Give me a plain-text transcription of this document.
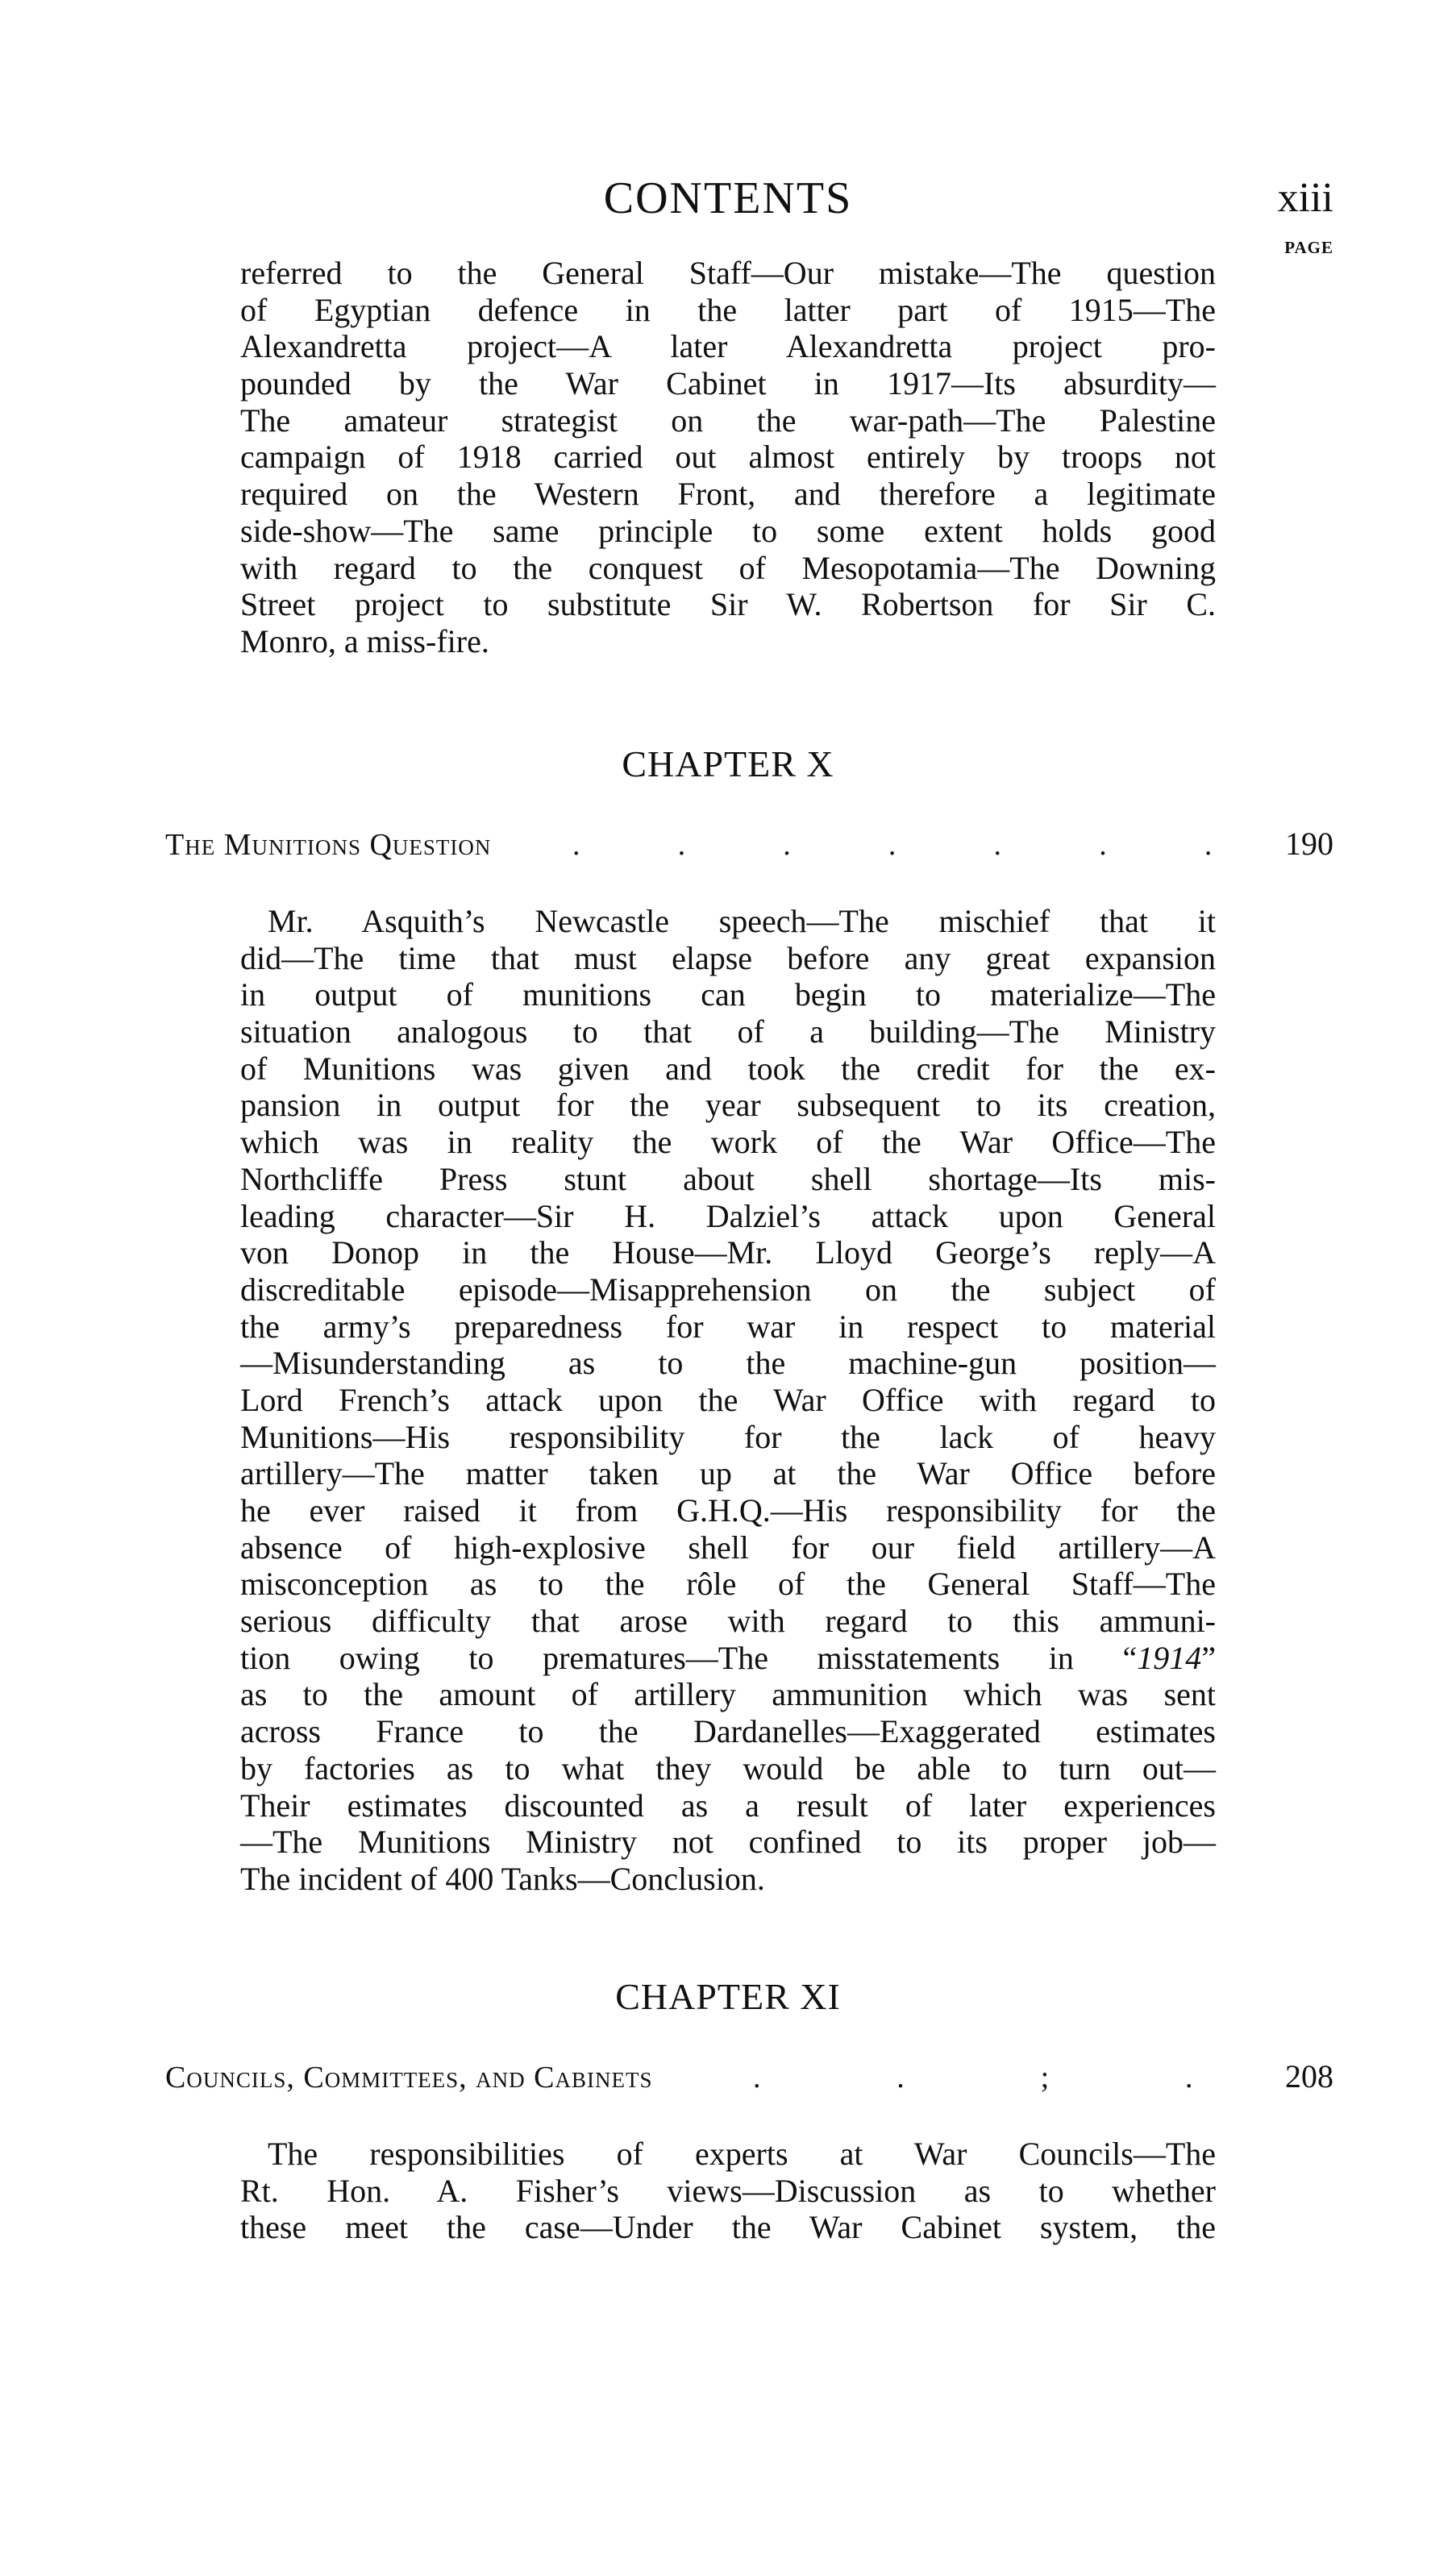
CONTENTS	xiii
PAGE
referred to the General Staff—Our mistake—The question
of Egyptian defence in the latter part of 1915—The
Alexandretta project—A later Alexandretta project pro-
pounded by the War Cabinet in 1917—Its absurdity—
The amateur strategist on the war-path—The Palestine
campaign of 1918 carried out almost entirely by troops not
required on the Western Front, and therefore a legitimate
side-show—The same principle to some extent holds good
with regard to the conquest of Mesopotamia—The Downing
Street project to substitute Sir W. Robertson for Sir C.
Monro, a miss-fire.
CHAPTER X
The Munitions Question	.	.	.	.	.	.	. 190
Mr. Asquith’s Newcastle speech—The mischief that it
did—The time that must elapse before any great expansion
in output of munitions can begin to materialize—The
situation analogous to that of a building—The Ministry
of Munitions was given and took the credit for the ex-
pansion in output for the year subsequent to its creation,
which was in reality the work of the War Office—The
Northcliffe Press stunt about shell shortage—Its mis-
leading character—Sir H. Dalziel’s attack upon General
von Donop in the House—Mr. Lloyd George’s reply—A
discreditable episode—Misapprehension on the subject of
the army’s preparedness for war in respect to material
—Misunderstanding as to the machine-gun position—
Lord French’s attack upon the War Office with regard to
Munitions—His responsibility for the lack of heavy
artillery—The matter taken up at the War Office before
he ever raised it from G.H.Q.—His responsibility for the
absence of high-explosive shell for our field artillery—A
misconception as to the rôle of the General Staff—The
serious difficulty that arose with regard to this ammuni-
tion owing to prematures—The misstatements in “1914”
as to the amount of artillery ammunition which was sent
across France to the Dardanelles—Exaggerated estimates
by factories as to what they would be able to turn out—
Their estimates discounted as a result of later experiences
—The Munitions Ministry not confined to its proper job—
The incident of 400 Tanks—Conclusion.
CHAPTER XI
Councils, Committees, and Cabinets	.	.	;	.	208
The responsibilities of experts at War Councils—The
Rt. Hon. A. Fisher’s views—Discussion as to whether
these meet the case—Under the War Cabinet system, the
